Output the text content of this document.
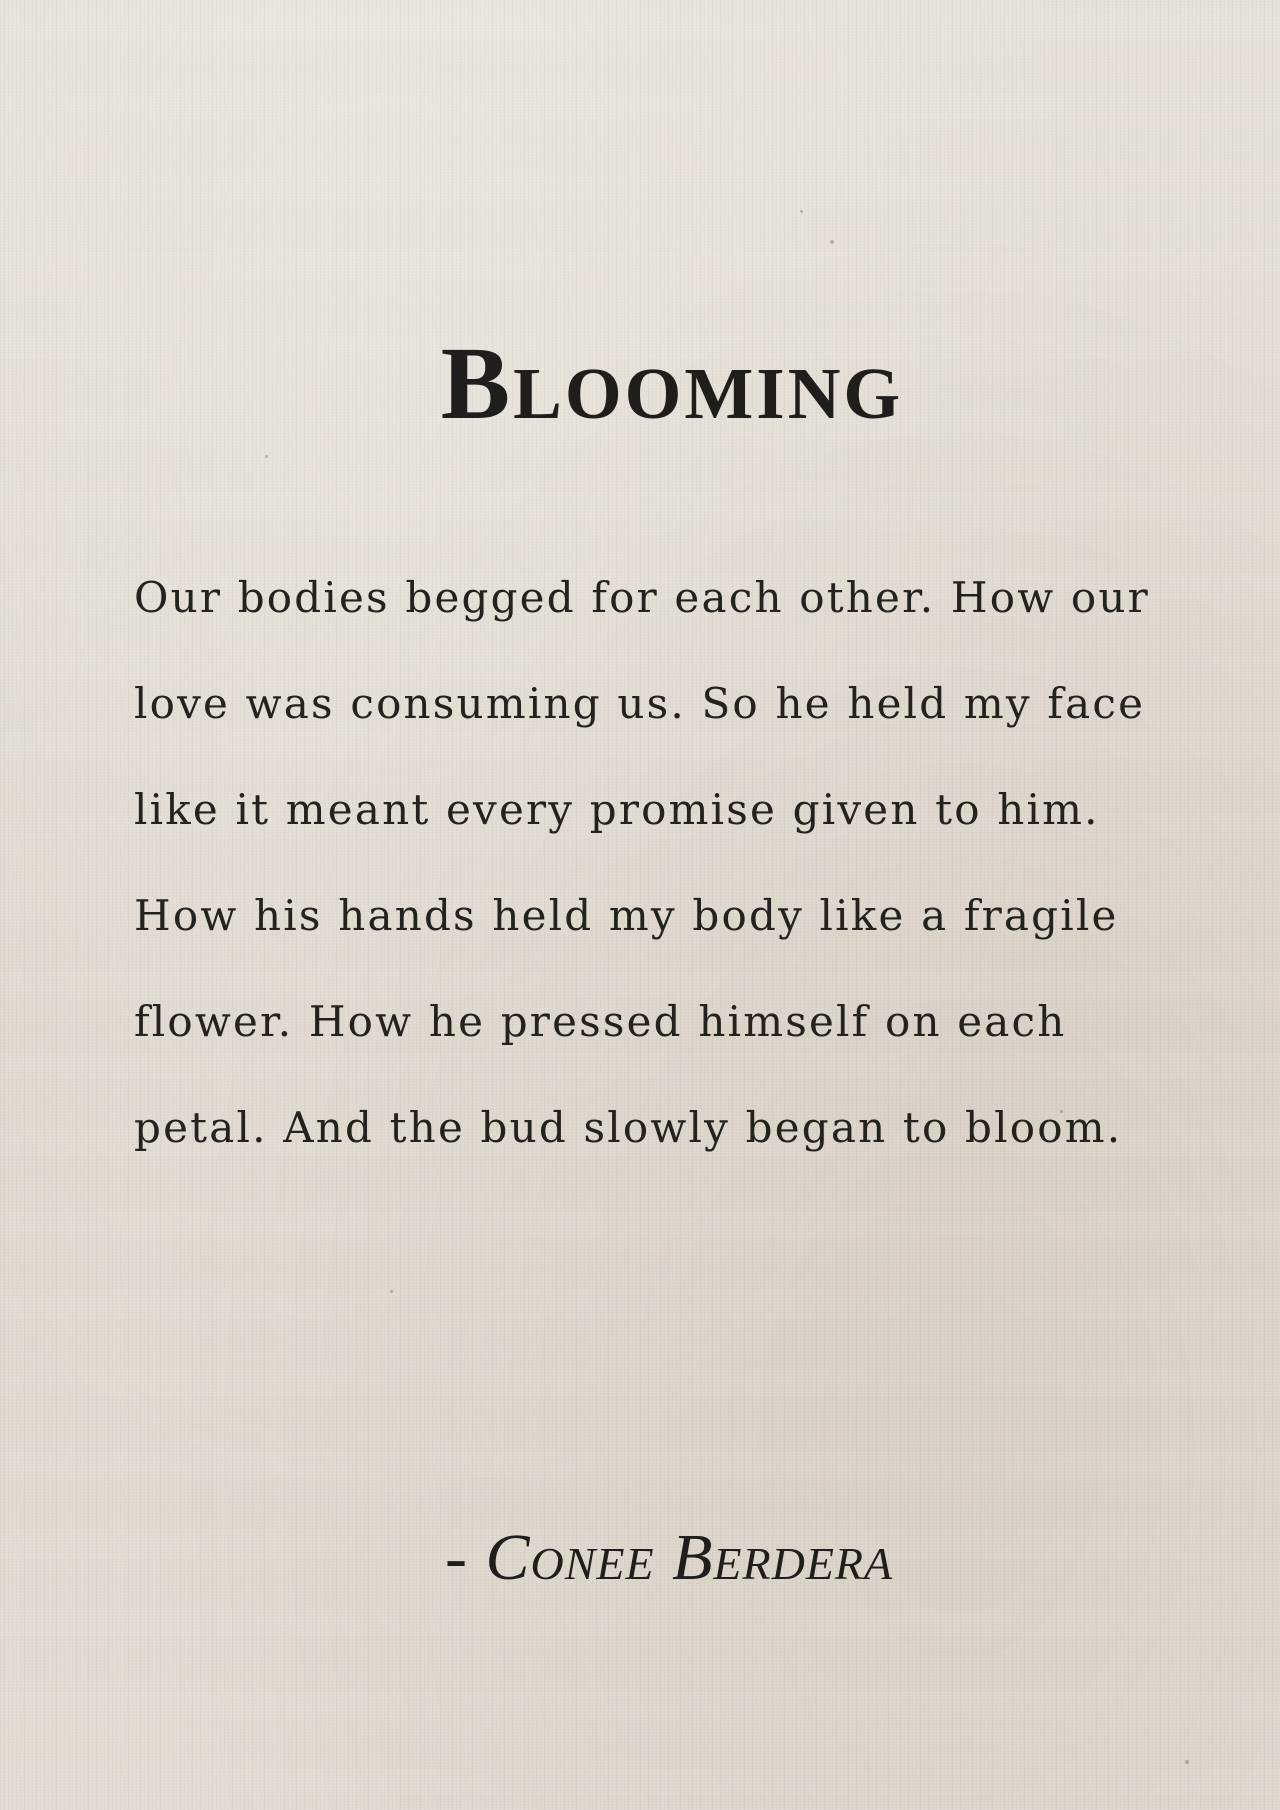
Blooming
Our bodies begged for each other. How our
love was consuming us. So he held my face
like it meant every promise given to him.
How his hands held my body like a fragile
flower. How he pressed himself on each
petal. And the bud slowly began to bloom.
- Conee Berdera
